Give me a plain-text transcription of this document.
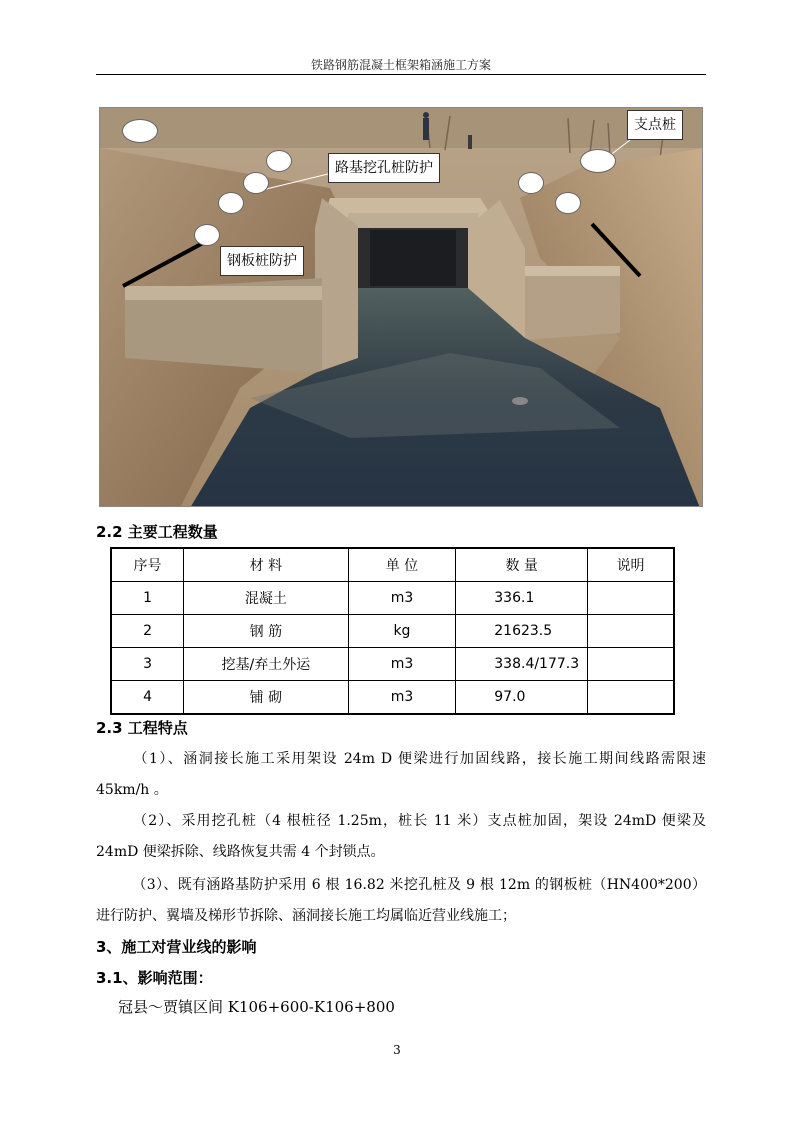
铁路钢筋混凝土框架箱涵施工方案
支点桩
路基挖孔桩防护
钢板桩防护
2.2 主要工程数量
序号	材 料	单 位	数 量	说明
1	混凝土	m3	336.1	
2	钢 筋	kg	21623.5	
3	挖基/弃土外运	m3	338.4/177.3	
4	铺 砌	m3	97.0	
2.3 工程特点
（1）、涵洞接长施工采用架设 24m D 便梁进行加固线路，接长施工期间线路需限速 45km/h 。
（2）、采用挖孔桩（4 根桩径 1.25m，桩长 11 米）支点桩加固，架设 24mD 便梁及 24mD 便梁拆除、线路恢复共需 4 个封锁点。
（3）、既有涵路基防护采用 6 根 16.82 米挖孔桩及 9 根 12m 的钢板桩（HN400*200）进行防护、翼墙及梯形节拆除、涵洞接长施工均属临近营业线施工；
3、施工对营业线的影响
3.1、影响范围：
冠县～贾镇区间 K106+600-K106+800
3
